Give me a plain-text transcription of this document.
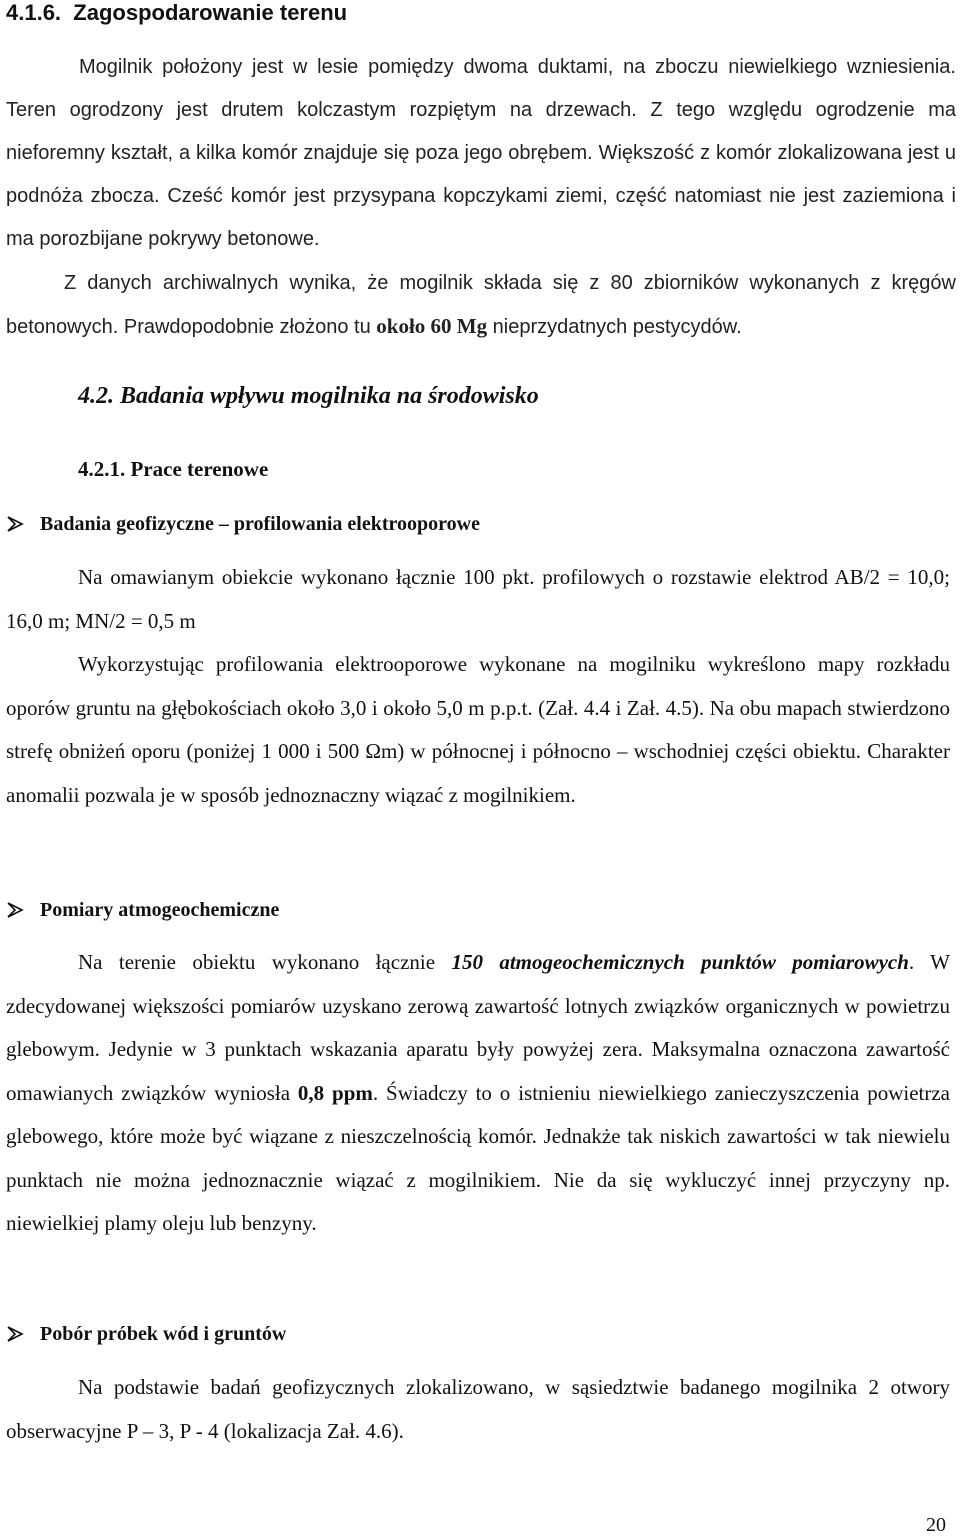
4.1.6. Zagospodarowanie terenu

Mogilnik położony jest w lesie pomiędzy dwoma duktami, na zboczu niewielkiego wzniesienia. Teren ogrodzony jest drutem kolczastym rozpiętym na drzewach. Z tego względu ogrodzenie ma nieforemny kształt, a kilka komór znajduje się poza jego obrębem. Większość z komór zlokalizowana jest u podnóża zbocza. Cześć komór jest przysypana kopczykami ziemi, część natomiast nie jest zaziemiona i ma porozbijane pokrywy betonowe.

Z danych archiwalnych wynika, że mogilnik składa się z 80 zbiorników wykonanych z kręgów betonowych. Prawdopodobnie złożono tu około 60 Mg nieprzydatnych pestycydów.

4.2. Badania wpływu mogilnika na środowisko
4.2.1. Prace terenowe
Badania geofizyczne – profilowania elektrooporowe

Na omawianym obiekcie wykonano łącznie 100 pkt. profilowych o rozstawie elektrod AB/2 = 10,0; 16,0 m; MN/2 = 0,5 m

Wykorzystując profilowania elektrooporowe wykonane na mogilniku wykreślono mapy rozkładu oporów gruntu na głębokościach około 3,0 i około 5,0 m p.p.t. (Zał. 4.4 i Zał. 4.5). Na obu mapach stwierdzono strefę obniżeń oporu (poniżej 1 000 i 500 Ωm) w północnej i północno – wschodniej części obiektu. Charakter anomalii pozwala je w sposób jednoznaczny wiązać z mogilnikiem.

Pomiary atmogeochemiczne

Na terenie obiektu wykonano łącznie 150 atmogeochemicznych punktów pomiarowych. W zdecydowanej większości pomiarów uzyskano zerową zawartość lotnych związków organicznych w powietrzu glebowym. Jedynie w 3 punktach wskazania aparatu były powyżej zera. Maksymalna oznaczona zawartość omawianych związków wyniosła 0,8 ppm. Świadczy to o istnieniu niewielkiego zanieczyszczenia powietrza glebowego, które może być wiązane z nieszczelnością komór. Jednakże tak niskich zawartości w tak niewielu punktach nie można jednoznacznie wiązać z mogilnikiem. Nie da się wykluczyć innej przyczyny np. niewielkiej plamy oleju lub benzyny.

Pobór próbek wód i gruntów

Na podstawie badań geofizycznych zlokalizowano, w sąsiedztwie badanego mogilnika 2 otwory obserwacyjne P – 3, P - 4 (lokalizacja Zał. 4.6).

20
